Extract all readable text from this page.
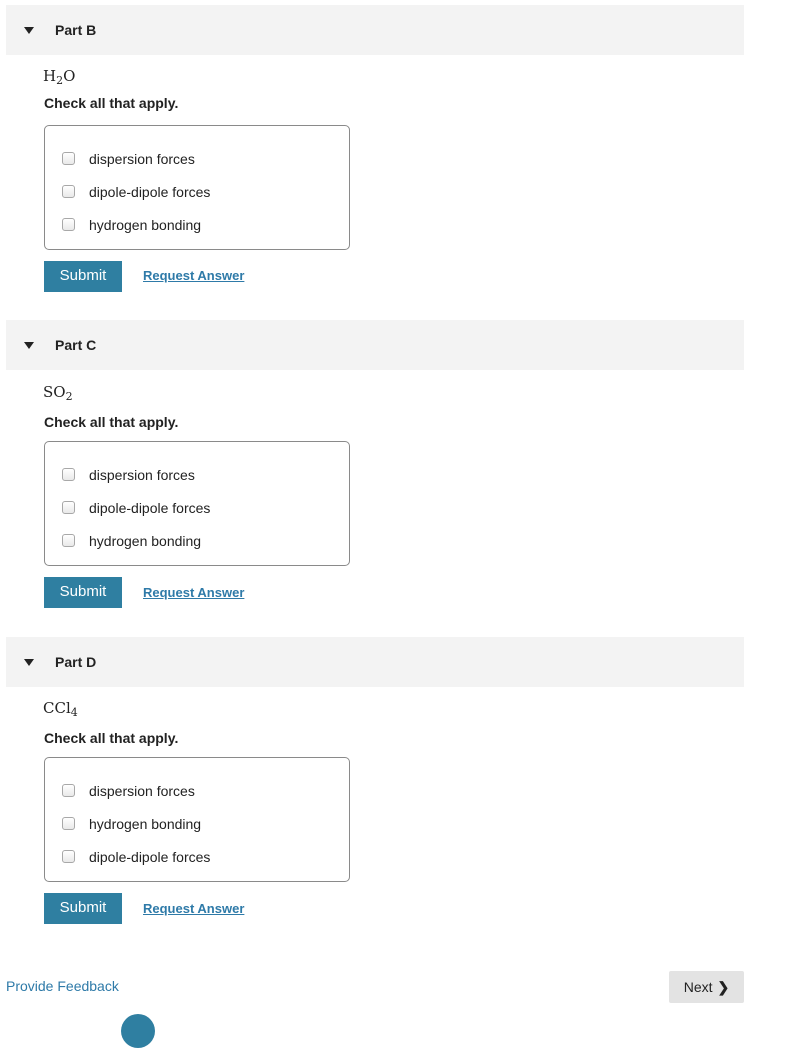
Part B
$H_2O$
Check all that apply.
dispersion forces
dipole-dipole forces
hydrogen bonding
Submit	Request Answer
Part C
$SO_2$
Check all that apply.
dispersion forces
dipole-dipole forces
hydrogen bonding
Submit	Request Answer
Part D
CCl$_4$
Check all that apply.
dispersion forces
hydrogen bonding
dipole-dipole forces
Submit	Request Answer
Provide Feedback	Next ❯
